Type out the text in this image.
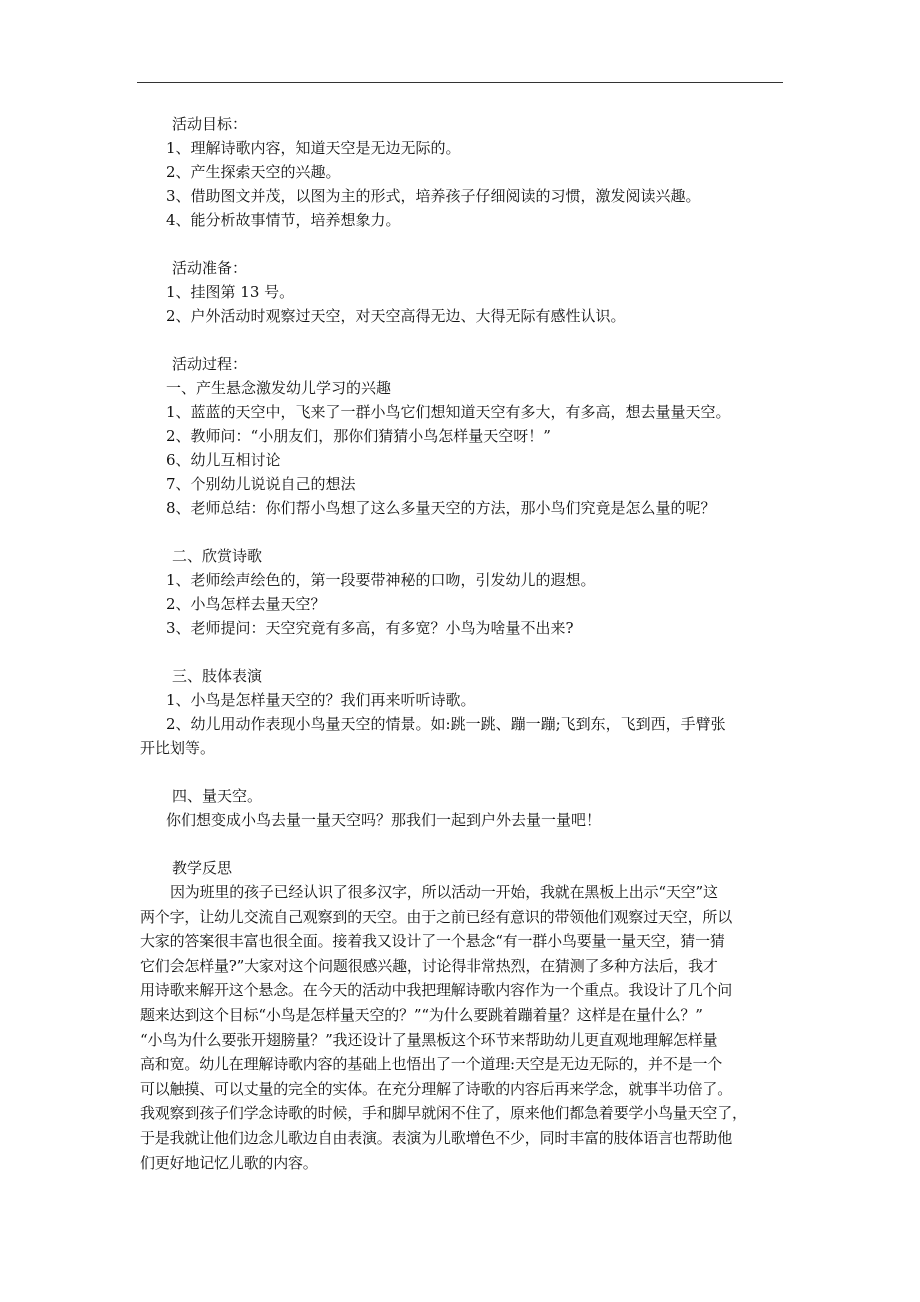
活动目标：
1、理解诗歌内容，知道天空是无边无际的。
2、产生探索天空的兴趣。
3、借助图文并茂，以图为主的形式，培养孩子仔细阅读的习惯，激发阅读兴趣。
4、能分析故事情节，培养想象力。
活动准备：
1、挂图第 13 号。
2、户外活动时观察过天空，对天空高得无边、大得无际有感性认识。
活动过程：
一、产生悬念激发幼儿学习的兴趣
1、蓝蓝的天空中，飞来了一群小鸟它们想知道天空有多大，有多高，想去量量天空。
2、教师问：“小朋友们，那你们猜猜小鸟怎样量天空呀！”
6、幼儿互相讨论
7、个别幼儿说说自己的想法
8、老师总结：你们帮小鸟想了这么多量天空的方法，那小鸟们究竟是怎么量的呢？
二、欣赏诗歌
1、老师绘声绘色的，第一段要带神秘的口吻，引发幼儿的遐想。
2、小鸟怎样去量天空？
3、老师提问：天空究竟有多高，有多宽？小鸟为啥量不出来?
三、肢体表演
1、小鸟是怎样量天空的？我们再来听听诗歌。
2、幼儿用动作表现小鸟量天空的情景。如:跳一跳、蹦一蹦;飞到东，飞到西，手臂张
开比划等。
四、量天空。
你们想变成小鸟去量一量天空吗？那我们一起到户外去量一量吧！
教学反思
因为班里的孩子已经认识了很多汉字，所以活动一开始，我就在黑板上出示“天空”这
两个字，让幼儿交流自己观察到的天空。由于之前已经有意识的带领他们观察过天空，所以
大家的答案很丰富也很全面。接着我又设计了一个悬念“有一群小鸟要量一量天空，猜一猜
它们会怎样量?”大家对这个问题很感兴趣，讨论得非常热烈，在猜测了多种方法后，我才
用诗歌来解开这个悬念。在今天的活动中我把理解诗歌内容作为一个重点。我设计了几个问
题来达到这个目标“小鸟是怎样量天空的？”“为什么要跳着蹦着量？这样是在量什么？”
“小鸟为什么要张开翅膀量？”我还设计了量黑板这个环节来帮助幼儿更直观地理解怎样量
高和宽。幼儿在理解诗歌内容的基础上也悟出了一个道理:天空是无边无际的，并不是一个
可以触摸、可以丈量的完全的实体。在充分理解了诗歌的内容后再来学念，就事半功倍了。
我观察到孩子们学念诗歌的时候，手和脚早就闲不住了，原来他们都急着要学小鸟量天空了，
于是我就让他们边念儿歌边自由表演。表演为儿歌增色不少，同时丰富的肢体语言也帮助他
们更好地记忆儿歌的内容。
